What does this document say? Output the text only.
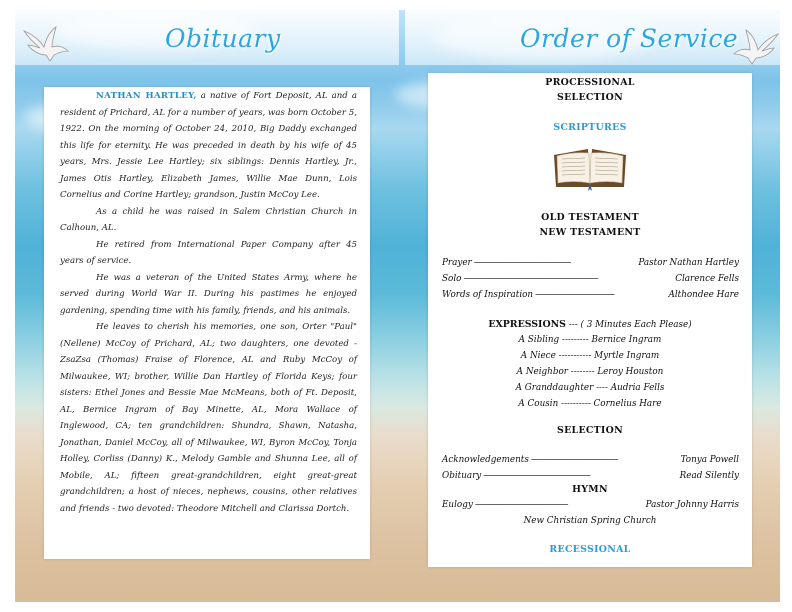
Obituary	Order of Service

NATHAN HARTLEY, a native of Fort Deposit, AL and a resident of Prichard, AL for a number of years, was born October 5, 1922. On the morning of October 24, 2010, Big Daddy exchanged this life for eternity. He was preceded in death by his wife of 45 years, Mrs. Jessie Lee Hartley; six siblings: Dennis Hartley, Jr., James Otis Hartley, Elizabeth James, Willie Mae Dunn, Lois Cornelius and Corine Hartley; grandson, Justin McCoy Lee.

As a child he was raised in Salem Christian Church in Calhoun, AL.

He retired from International Paper Company after 45 years of service.

He was a veteran of the United States Army, where he served during World War II. During his pastimes he enjoyed gardening, spending time with his family, friends, and his animals.

He leaves to cherish his memories, one son, Orter "Paul" (Nellene) McCoy of Prichard, AL; two daughters, one devoted - ZsaZsa (Thomas) Fraise of Florence, AL and Ruby McCoy of Milwaukee, WI; brother, Willie Dan Hartley of Florida Keys; four sisters: Ethel Jones and Bessie Mae McMeans, both of Ft. Deposit, AL, Bernice Ingram of Bay Minette, AL, Mora Wallace of Inglewood, CA; ten grandchildren: Shundra, Shawn, Natasha, Jonathan, Daniel McCoy, all of Milwaukee, WI, Byron McCoy, Tonja Holley, Corliss (Danny) K., Melody Gamble and Shunna Lee, all of Mobile, AL; fifteen great-grandchildren, eight great-great grandchildren; a host of nieces, nephews, cousins, other relatives and friends - two devoted: Theodore Mitchell and Clarissa Dortch.

PROCESSIONAL
SELECTION
SCRIPTURES
OLD TESTAMENT
NEW TESTAMENT
Prayer -------------------------------------------------	Pastor Nathan Hartley
Solo --------------------------------------------------------------------	Clarence Fells
Words of Inspiration ----------------------------------------	Althondee Hare
EXPRESSIONS --- ( 3 Minutes Each Please)
A Sibling --------- Bernice Ingram
A Niece ----------- Myrtle Ingram
A Neighbor -------- Leroy Houston
A Granddaughter ---- Audria Fells
A Cousin ---------- Cornelius Hare
SELECTION
Acknowledgements --------------------------------------------	Tonya Powell
Obituary ------------------------------------------------------	Read Silently
HYMN
Eulogy -----------------------------------------------	Pastor Johnny Harris
New Christian Spring Church
RECESSIONAL
